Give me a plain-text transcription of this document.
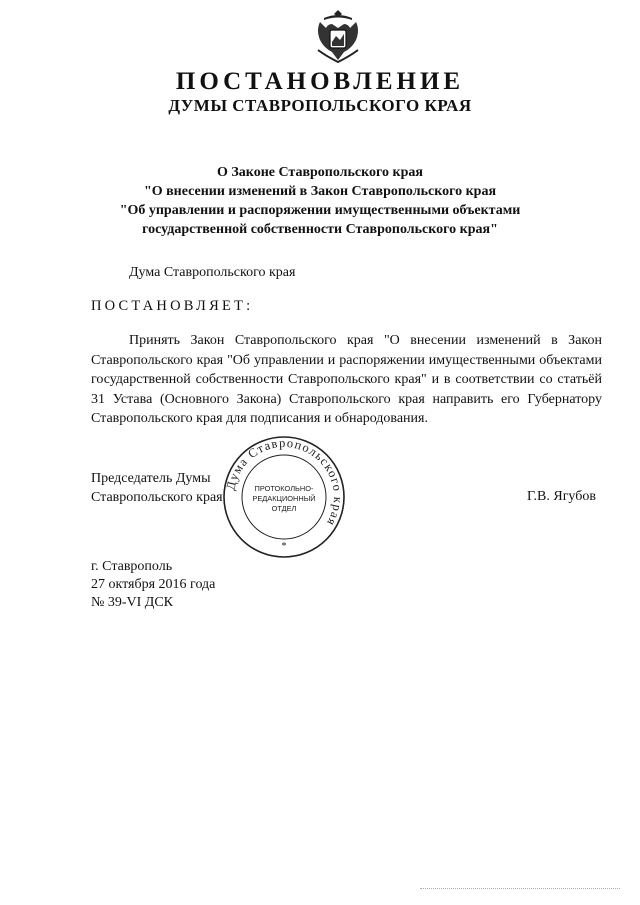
ПОСТАНОВЛЕНИЕ
ДУМЫ СТАВРОПОЛЬСКОГО КРАЯ
О Законе Ставропольского края
"О внесении изменений в Закон Ставропольского края
"Об управлении и распоряжении имущественными объектами
государственной собственности Ставропольского края"
Дума Ставропольского края
ПОСТАНОВЛЯЕТ:

Принять Закон Ставропольского края "О внесении изменений в Закон Ставропольского края "Об управлении и распоряжении имущественными объектами государственной собственности Ставропольского края" и в соответствии со статьёй 31 Устава (Основного Закона) Ставропольского края направить его Губернатору Ставропольского края для подписания и обнародования.

Дума Ставропольского края
ПРОТОКОЛЬНО-
РЕДАКЦИОННЫЙ
ОТДЕЛ
*
Председатель Думы
Ставропольского края	Г.В. Ягубов
г. Ставрополь
27 октября 2016 года
№ 39-VI ДСК
